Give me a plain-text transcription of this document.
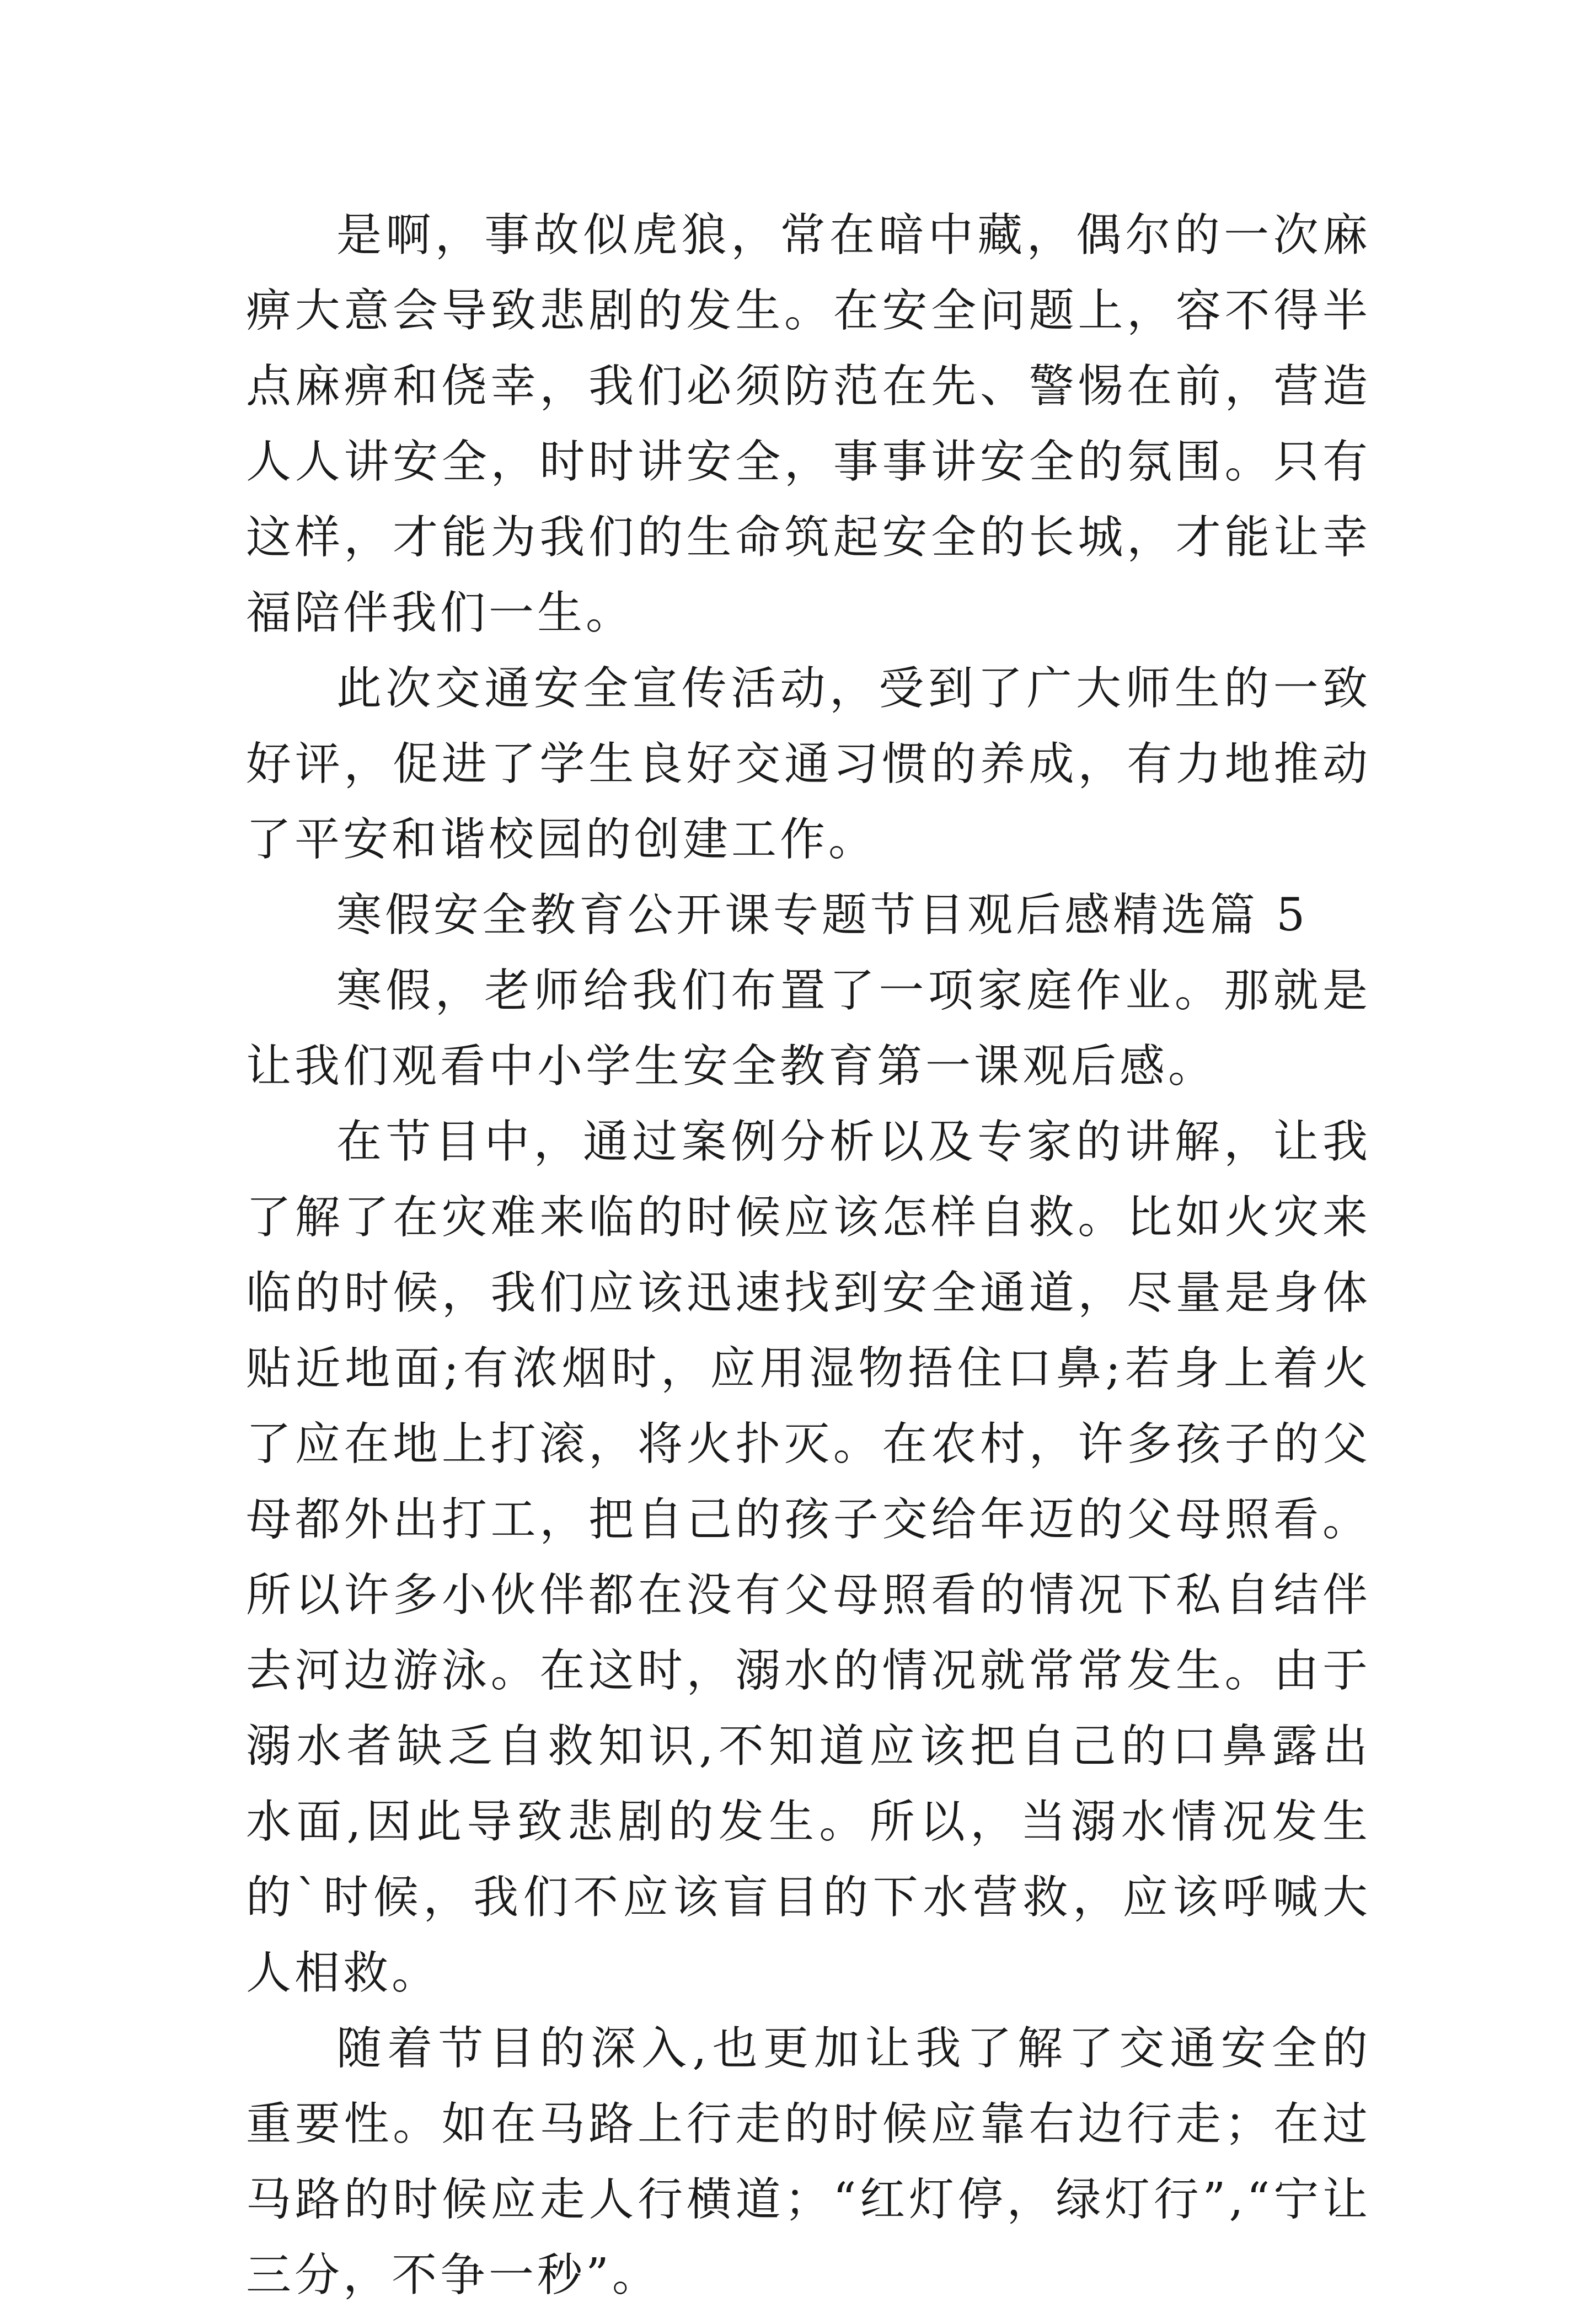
是啊，事故似虎狼，常在暗中藏，偶尔的一次麻痹大意会导致悲剧的发生。在安全问题上，容不得半点麻痹和侥幸，我们必须防范在先、警惕在前，营造人人讲安全，时时讲安全，事事讲安全的氛围。只有这样，才能为我们的生命筑起安全的长城，才能让幸福陪伴我们一生。

此次交通安全宣传活动，受到了广大师生的一致好评，促进了学生良好交通习惯的养成，有力地推动了平安和谐校园的创建工作。

寒假安全教育公开课专题节目观后感精选篇 5

寒假，老师给我们布置了一项家庭作业。那就是让我们观看中小学生安全教育第一课观后感。

在节目中，通过案例分析以及专家的讲解，让我了解了在灾难来临的时候应该怎样自救。比如火灾来临的时候，我们应该迅速找到安全通道，尽量是身体贴近地面;有浓烟时，应用湿物捂住口鼻;若身上着火了应在地上打滚，将火扑灭。在农村，许多孩子的父母都外出打工，把自己的孩子交给年迈的父母照看。所以许多小伙伴都在没有父母照看的情况下私自结伴去河边游泳。在这时，溺水的情况就常常发生。由于溺水者缺乏自救知识,不知道应该把自己的口鼻露出水面,因此导致悲剧的发生。所以，当溺水情况发生的`时候，我们不应该盲目的下水营救，应该呼喊大人相救。

随着节目的深入,也更加让我了解了交通安全的重要性。如在马路上行走的时候应靠右边行走；在过马路的时候应走人行横道；“红灯停，绿灯行”,“宁让三分，不争一秒”。
